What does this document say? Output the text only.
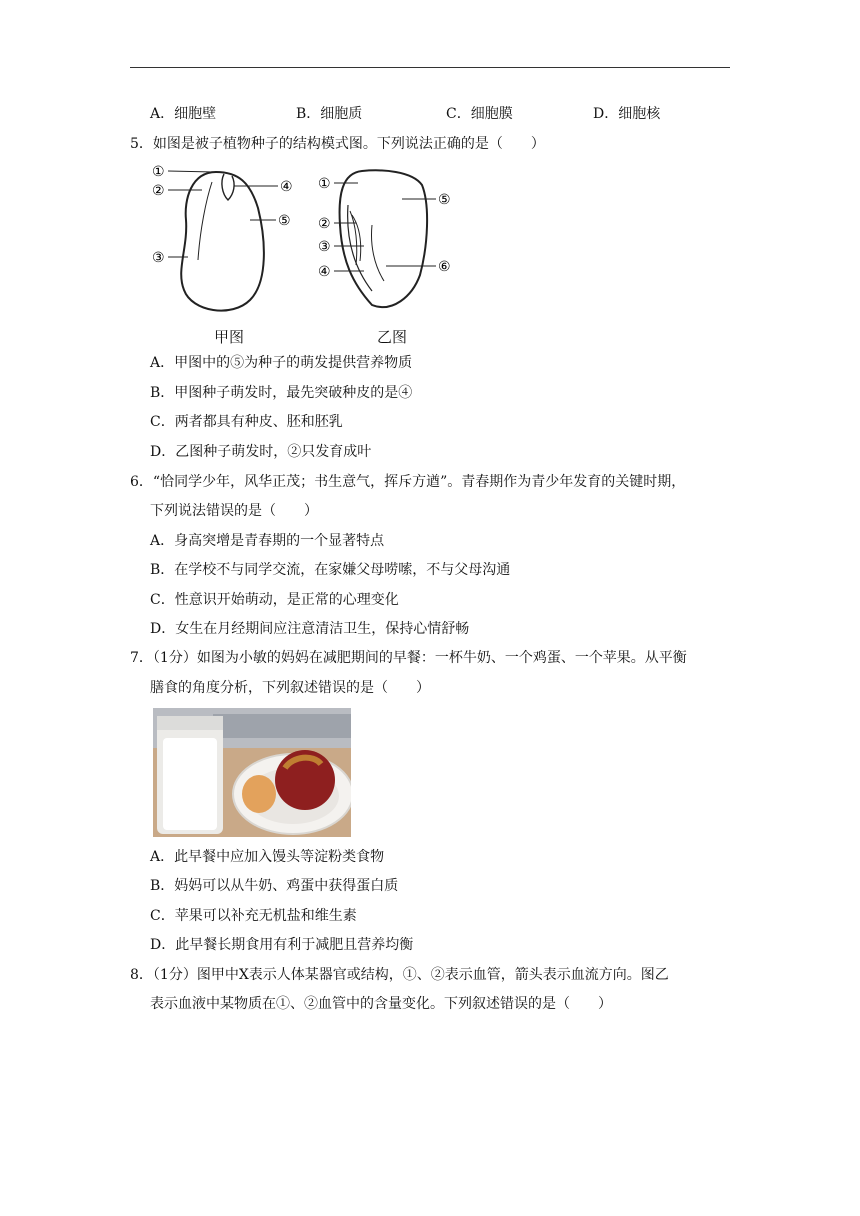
A．细胞壁	B．细胞质	C．细胞膜	D．细胞核
5．如图是被子植物种子的结构模式图。下列说法正确的是（　　）
①
②
③
④
⑤
甲图
①
②
③
④
⑤
⑥
乙图
A．甲图中的⑤为种子的萌发提供营养物质
B．甲图种子萌发时，最先突破种皮的是④
C．两者都具有种皮、胚和胚乳
D．乙图种子萌发时，②只发育成叶
6．“恰同学少年，风华正茂；书生意气，挥斥方遒”。青春期作为青少年发育的关键时期，
下列说法错误的是（　　）
A．身高突增是青春期的一个显著特点
B．在学校不与同学交流，在家嫌父母唠嗦，不与父母沟通
C．性意识开始萌动，是正常的心理变化
D．女生在月经期间应注意清洁卫生，保持心情舒畅
7．（1分）如图为小敏的妈妈在减肥期间的早餐：一杯牛奶、一个鸡蛋、一个苹果。从平衡
膳食的角度分析，下列叙述错误的是（　　）
A．此早餐中应加入馒头等淀粉类食物
B．妈妈可以从牛奶、鸡蛋中获得蛋白质
C．苹果可以补充无机盐和维生素
D．此早餐长期食用有利于减肥且营养均衡
8．（1分）图甲中X表示人体某器官或结构，①、②表示血管，箭头表示血流方向。图乙
表示血液中某物质在①、②血管中的含量变化。下列叙述错误的是（　　）
